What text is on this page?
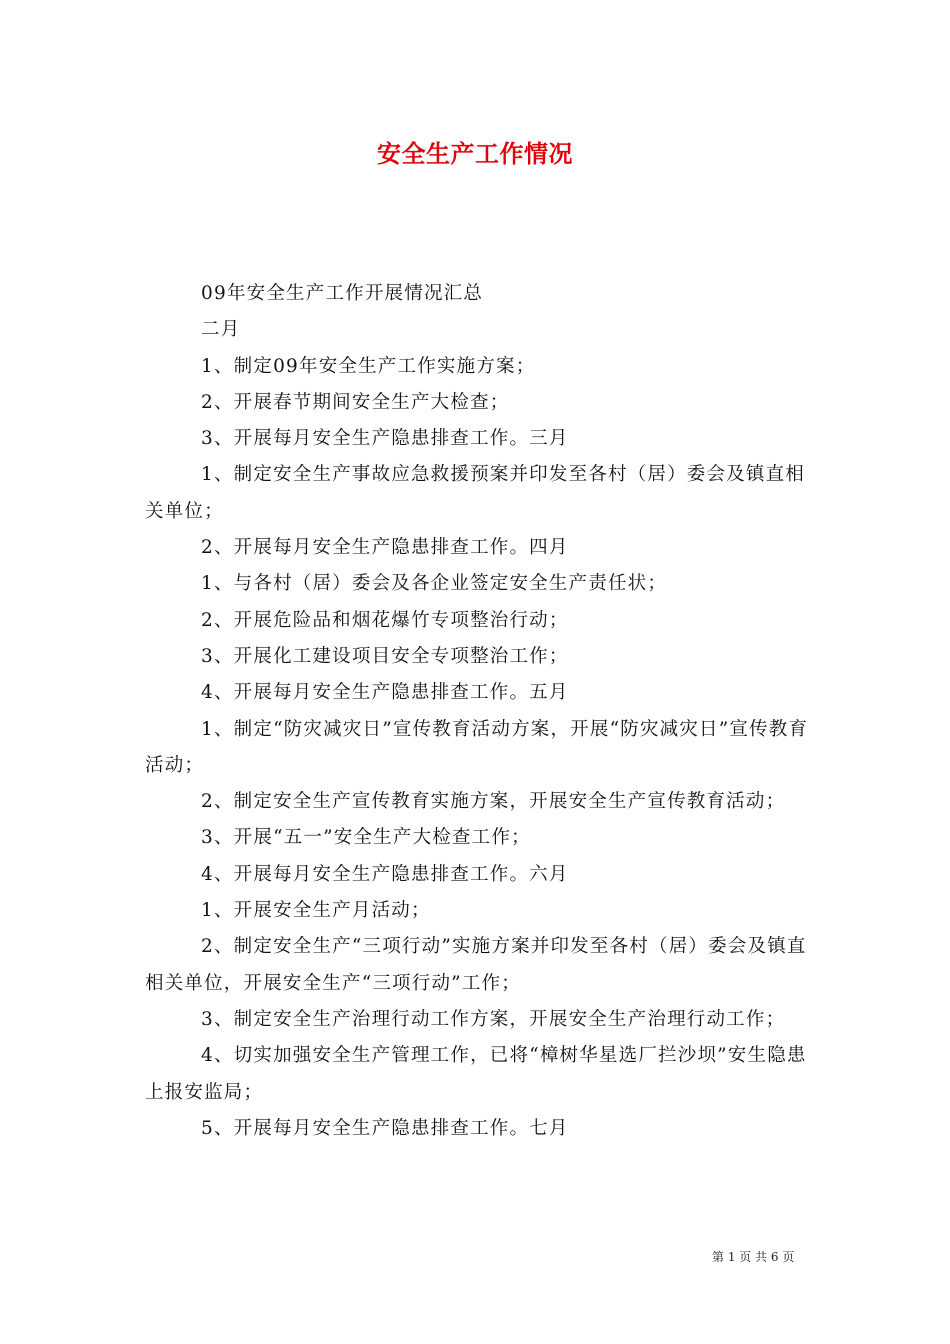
安全生产工作情况

09年安全生产工作开展情况汇总

二月

1、制定09年安全生产工作实施方案；

2、开展春节期间安全生产大检查；

3、开展每月安全生产隐患排查工作。三月

1、制定安全生产事故应急救援预案并印发至各村（居）委会及镇直相关单位；

2、开展每月安全生产隐患排查工作。四月

1、与各村（居）委会及各企业签定安全生产责任状；

2、开展危险品和烟花爆竹专项整治行动；

3、开展化工建设项目安全专项整治工作；

4、开展每月安全生产隐患排查工作。五月

1、制定“防灾减灾日”宣传教育活动方案，开展“防灾减灾日”宣传教育活动；

2、制定安全生产宣传教育实施方案，开展安全生产宣传教育活动；

3、开展“五一”安全生产大检查工作；

4、开展每月安全生产隐患排查工作。六月

1、开展安全生产月活动；

2、制定安全生产“三项行动”实施方案并印发至各村（居）委会及镇直相关单位，开展安全生产“三项行动”工作；

3、制定安全生产治理行动工作方案，开展安全生产治理行动工作；

4、切实加强安全生产管理工作，已将“樟树华星选厂拦沙坝”安生隐患上报安监局；

5、开展每月安全生产隐患排查工作。七月

第 1 页 共 6 页
